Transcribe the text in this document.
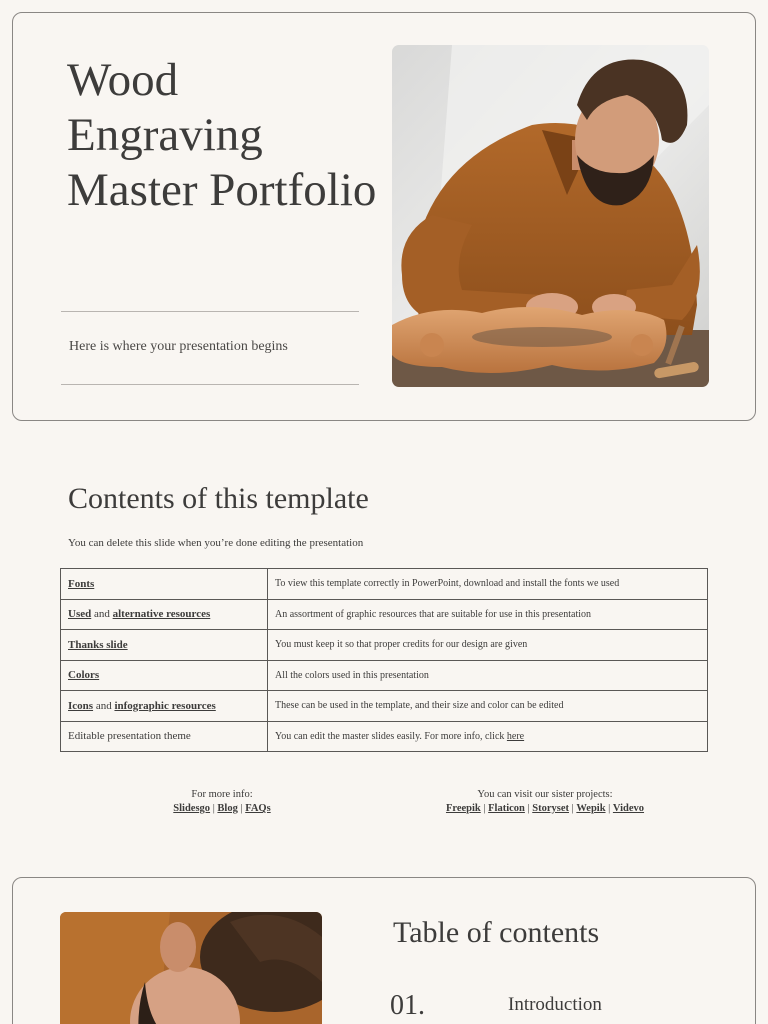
Wood
Engraving
Master Portfolio
Here is where your presentation begins
Contents of this template
You can delete this slide when you’re done editing the presentation
Fonts	To view this template correctly in PowerPoint, download and install the fonts we used
Used and alternative resources	An assortment of graphic resources that are suitable for use in this presentation
Thanks slide	You must keep it so that proper credits for our design are given
Colors	All the colors used in this presentation
Icons and infographic resources	These can be used in the template, and their size and color can be edited
Editable presentation theme	You can edit the master slides easily. For more info, click here
For more info:
Slidesgo | Blog | FAQs
You can visit our sister projects:
Freepik | Flaticon | Storyset | Wepik | Videvo
Table of contents
01.	Introduction
